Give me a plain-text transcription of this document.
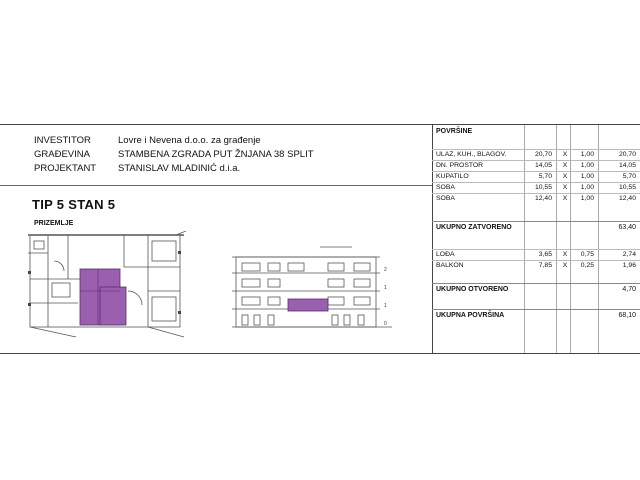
INVESTITOR	Lovre i Nevena d.o.o. za građenje
GRAĐEVINA	STAMBENA ZGRADA PUT ŽNJANA 38 SPLIT
PROJEKTANT STANISLAV MLADINIĆ d.i.a.
TIP 5 STAN 5
PRIZEMLJE
2
1
1
0
POVRŠINE
ULAZ, KUH., BLAGOV.	20,70	X	1,00	20,70
DN. PROSTOR	14,05	X	1,00	14,05
KUPATILO	5,70	X	1,00	5,70
SOBA	10,55	X	1,00	10,55
SOBA	12,40	X	1,00	12,40
UKUPNO ZATVORENO	63,40
LOĐA	3,65	X	0,75	2,74
BALKON	7,85	X	0,25	1,96
UKUPNO OTVORENO	4,70
UKUPNA POVRŠINA	68,10
